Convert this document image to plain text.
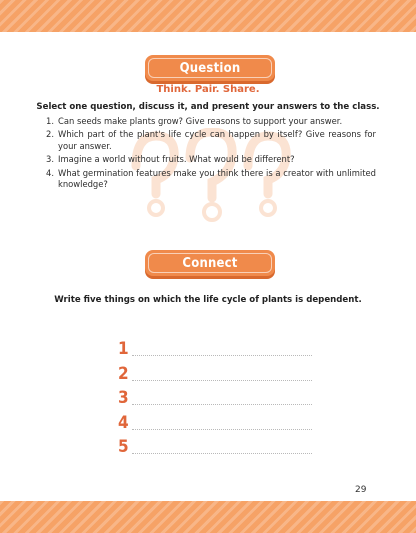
Question
Think. Pair. Share.
Select one question, discuss it, and present your answers to the class.
1. Can seeds make plants grow? Give reasons to support your answer.
2. Which part of the plant's life cycle can happen by itself? Give reasons for your answer.
3. Imagine a world without fruits. What would be different?
4. What germination features make you think there is a creator with unlimited knowledge?
Connect
Write five things on which the life cycle of plants is dependent.
1
2
3
4
5
29
